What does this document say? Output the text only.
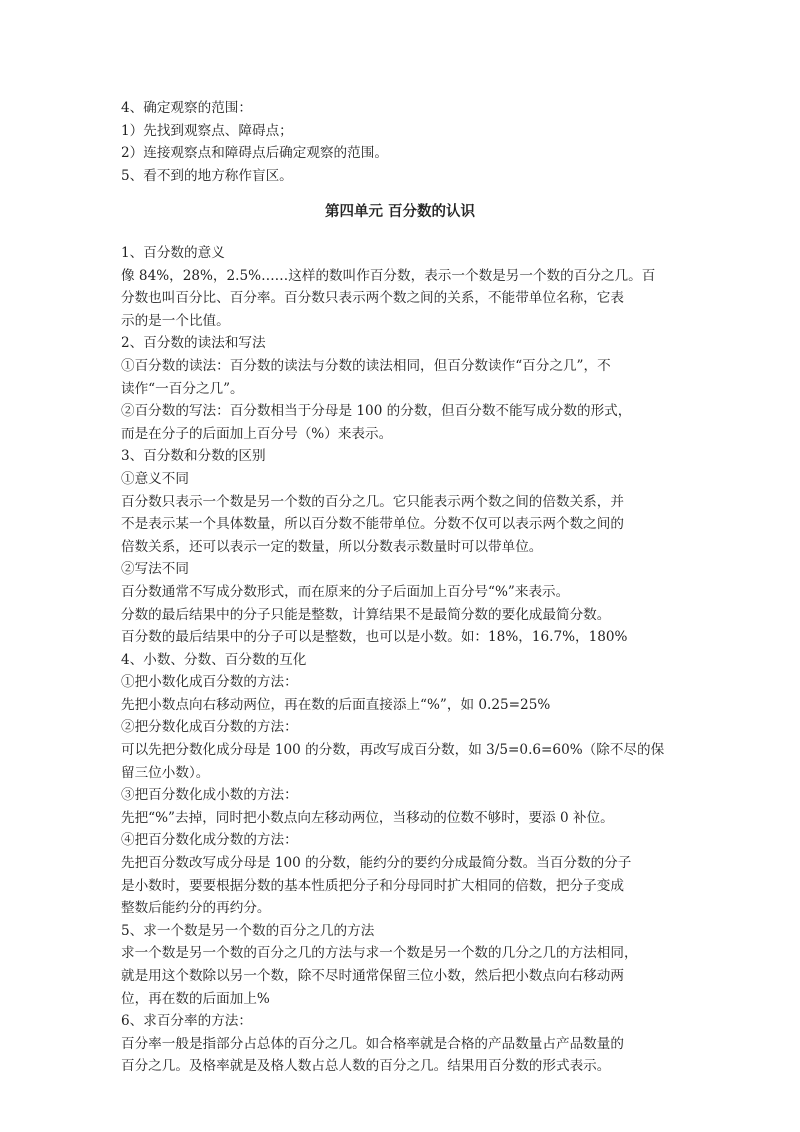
4、确定观察的范围：
1）先找到观察点、障碍点；
2）连接观察点和障碍点后确定观察的范围。
5、看不到的地方称作盲区。
第四单元 百分数的认识
1、百分数的意义
像 84%，28%，2.5%……这样的数叫作百分数，表示一个数是另一个数的百分之几。百
分数也叫百分比、百分率。百分数只表示两个数之间的关系，不能带单位名称，它表
示的是一个比值。
2、百分数的读法和写法
①百分数的读法：百分数的读法与分数的读法相同，但百分数读作“百分之几”，不
读作“一百分之几”。
②百分数的写法：百分数相当于分母是 100 的分数，但百分数不能写成分数的形式，
而是在分子的后面加上百分号（%）来表示。
3、百分数和分数的区别
①意义不同
百分数只表示一个数是另一个数的百分之几。它只能表示两个数之间的倍数关系，并
不是表示某一个具体数量，所以百分数不能带单位。分数不仅可以表示两个数之间的
倍数关系，还可以表示一定的数量，所以分数表示数量时可以带单位。
②写法不同
百分数通常不写成分数形式，而在原来的分子后面加上百分号“%”来表示。
分数的最后结果中的分子只能是整数，计算结果不是最简分数的要化成最简分数。
百分数的最后结果中的分子可以是整数，也可以是小数。如：18%，16.7%，180%
4、小数、分数、百分数的互化
①把小数化成百分数的方法：
先把小数点向右移动两位，再在数的后面直接添上“%”，如 0.25=25%
②把分数化成百分数的方法：
可以先把分数化成分母是 100 的分数，再改写成百分数，如 3/5=0.6=60%（除不尽的保
留三位小数）。
③把百分数化成小数的方法：
先把“%”去掉，同时把小数点向左移动两位，当移动的位数不够时，要添 0 补位。
④把百分数化成分数的方法：
先把百分数改写成分母是 100 的分数，能约分的要约分成最简分数。当百分数的分子
是小数时，要要根据分数的基本性质把分子和分母同时扩大相同的倍数，把分子变成
整数后能约分的再约分。
5、求一个数是另一个数的百分之几的方法
求一个数是另一个数的百分之几的方法与求一个数是另一个数的几分之几的方法相同，
就是用这个数除以另一个数，除不尽时通常保留三位小数，然后把小数点向右移动两
位，再在数的后面加上%
6、求百分率的方法：
百分率一般是指部分占总体的百分之几。如合格率就是合格的产品数量占产品数量的
百分之几。及格率就是及格人数占总人数的百分之几。结果用百分数的形式表示。
